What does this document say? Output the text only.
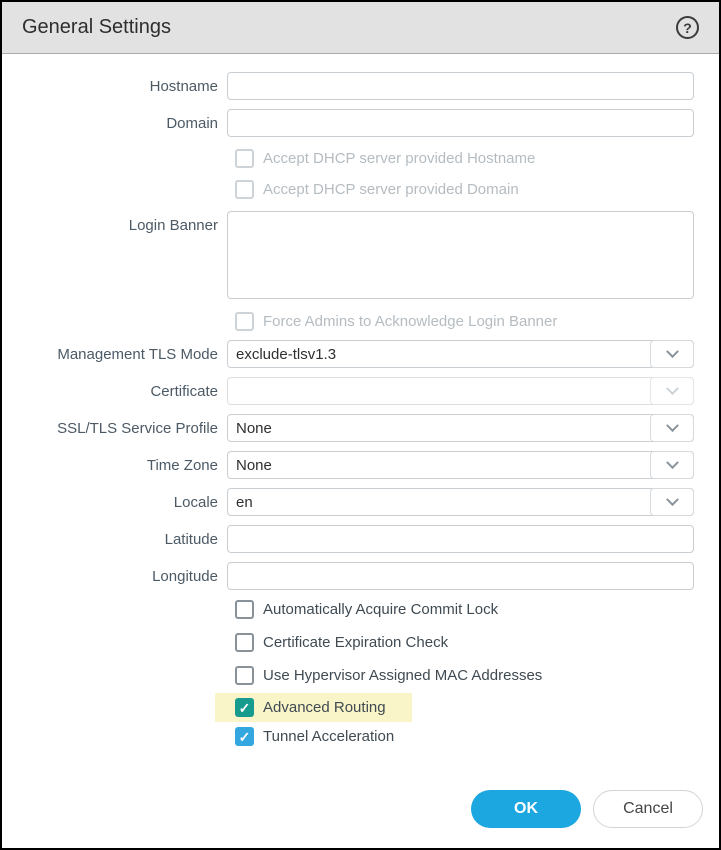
General Settings	?
Hostname
Domain
Accept DHCP server provided Hostname
Accept DHCP server provided Domain
Login Banner
Force Admins to Acknowledge Login Banner
Management TLS Mode	exclude-tlsv1.3
Certificate
SSL/TLS Service Profile	None
Time Zone	None
Locale	en
Latitude
Longitude
Automatically Acquire Commit Lock
Certificate Expiration Check
Use Hypervisor Assigned MAC Addresses
✓
Advanced Routing
✓
Tunnel Acceleration
OK	Cancel
